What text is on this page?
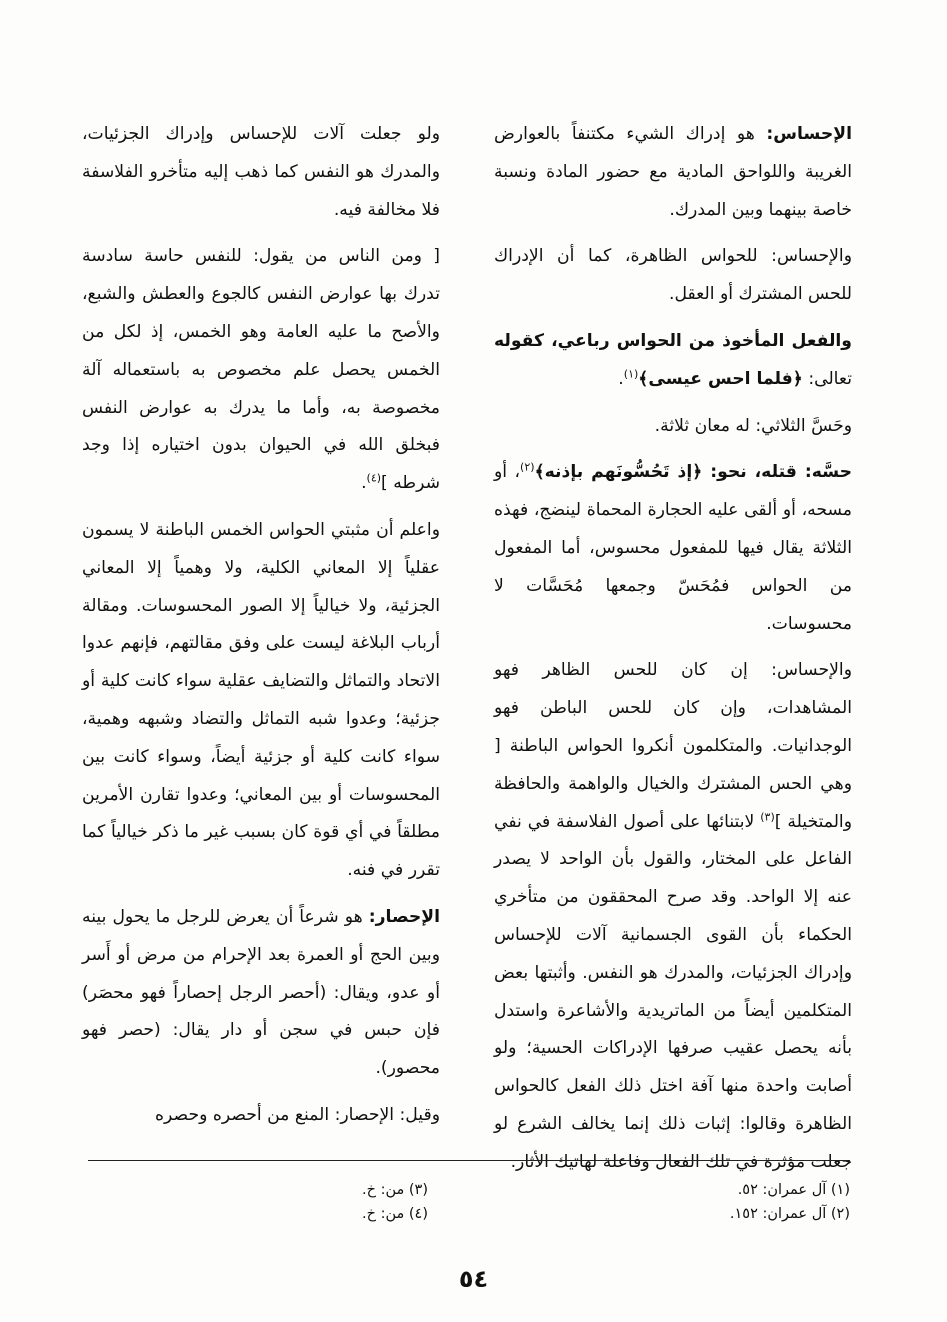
الإحساس: هو إدراك الشيء مكتنفاً بالعوارض الغريبة واللواحق المادية مع حضور المادة ونسبة خاصة بينهما وبين المدرك.

والإحساس: للحواس الظاهرة، كما أن الإدراك للحس المشترك أو العقل.

والفعل المأخوذ من الحواس رباعي، كقوله تعالى: ﴿فلما احس عيسى﴾$^{(١)}$.

وحَسَّ الثلاثي: له معان ثلاثة.

حسَّه: قتله، نحو: ﴿إذ تَحُسُّونَهم بإذنه﴾$^{(٢)}$، أو مسحه، أو ألقى عليه الحجارة المحماة لينضج، فهذه الثلاثة يقال فيها للمفعول محسوس، أما المفعول من الحواس فمُحَسّ وجمعها مُحَسَّات لا محسوسات.

والإحساس: إن كان للحس الظاهر فهو المشاهدات، وإن كان للحس الباطن فهو الوجدانيات. والمتكلمون أنكروا الحواس الباطنة [ وهي الحس المشترك والخيال والواهمة والحافظة والمتخيلة ]$^{(٣)}$ لابتنائها على أصول الفلاسفة في نفي الفاعل على المختار، والقول بأن الواحد لا يصدر عنه إلا الواحد. وقد صرح المحققون من متأخري الحكماء بأن القوى الجسمانية آلات للإحساس وإدراك الجزئيات، والمدرك هو النفس. وأثبتها بعض المتكلمين أيضاً من الماتريدية والأشاعرة واستدل بأنه يحصل عقيب صرفها الإدراكات الحسية؛ ولو أصابت واحدة منها آفة اختل ذلك الفعل كالحواس الظاهرة وقالوا: إثبات ذلك إنما يخالف الشرع لو جعلت مؤثرة في تلك الفعال وفاعلة لهاتيك الأثار.

ولو جعلت آلات للإحساس وإدراك الجزئيات، والمدرك هو النفس كما ذهب إليه متأخرو الفلاسفة فلا مخالفة فيه.

[ ومن الناس من يقول: للنفس حاسة سادسة تدرك بها عوارض النفس كالجوع والعطش والشبع، والأصح ما عليه العامة وهو الخمس، إذ لكل من الخمس يحصل علم مخصوص به باستعماله آلة مخصوصة به، وأما ما يدرك به عوارض النفس فبخلق الله في الحيوان بدون اختياره إذا وجد شرطه ]$^{(٤)}$.

واعلم أن مثبتي الحواس الخمس الباطنة لا يسمون عقلياً إلا المعاني الكلية، ولا وهمياً إلا المعاني الجزئية، ولا خيالياً إلا الصور المحسوسات. ومقالة أرباب البلاغة ليست على وفق مقالتهم، فإنهم عدوا الاتحاد والتماثل والتضايف عقلية سواء كانت كلية أو جزئية؛ وعدوا شبه التماثل والتضاد وشبهه وهمية، سواء كانت كلية أو جزئية أيضاً، وسواء كانت بين المحسوسات أو بين المعاني؛ وعدوا تقارن الأمرين مطلقاً في أي قوة كان بسبب غير ما ذكر خيالياً كما تقرر في فنه.

الإحصار: هو شرعاً أن يعرض للرجل ما يحول بينه وبين الحج أو العمرة بعد الإحرام من مرض أو أَسر أو عدو، ويقال: (أحصر الرجل إحصاراً فهو محصَر) فإن حبس في سجن أو دار يقال: (حصر فهو محصور).

وقيل: الإحصار: المنع من أحصره وحصره

(١) آل عمران: ٥٢.
(٢) آل عمران: ١٥٢.
(٣) من: خ.
(٤) من: خ.
٥٤
